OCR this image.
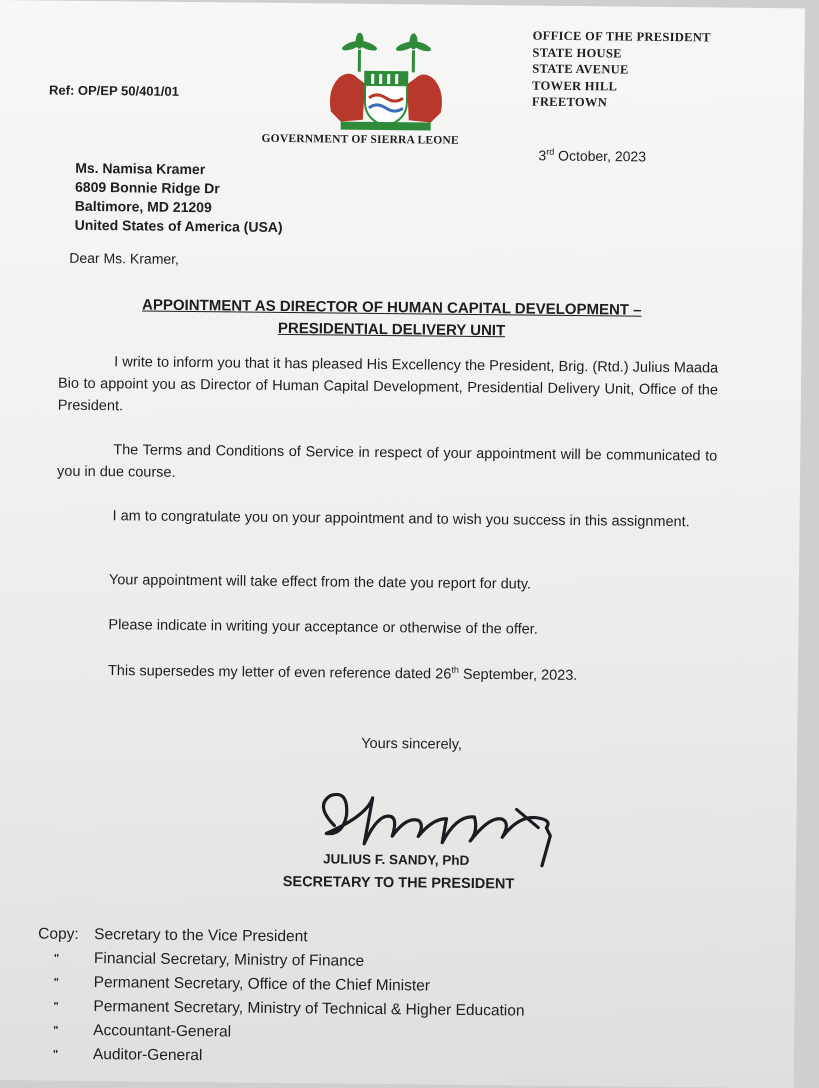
OFFICE OF THE PRESIDENT
STATE HOUSE
STATE AVENUE
TOWER HILL
FREETOWN
Ref: OP/EP 50/401/01
GOVERNMENT OF SIERRA LEONE
3rd October, 2023
Ms. Namisa Kramer
6809 Bonnie Ridge Dr
Baltimore, MD 21209
United States of America (USA)
Dear Ms. Kramer,
APPOINTMENT AS DIRECTOR OF HUMAN CAPITAL DEVELOPMENT –
PRESIDENTIAL DELIVERY UNIT
I write to inform you that it has pleased His Excellency the President, Brig. (Rtd.) Julius Maada Bio to appoint you as Director of Human Capital Development, Presidential Delivery Unit, Office of the President.
The Terms and Conditions of Service in respect of your appointment will be communicated to you in due course.
I am to congratulate you on your appointment and to wish you success in this assignment.
Your appointment will take effect from the date you report for duty.
Please indicate in writing your acceptance or otherwise of the offer.
This supersedes my letter of even reference dated 26th September, 2023.
Yours sincerely,
JULIUS F. SANDY, PhD
SECRETARY TO THE PRESIDENT
Copy: Secretary to the Vice President
" Financial Secretary, Ministry of Finance
" Permanent Secretary, Office of the Chief Minister
" Permanent Secretary, Ministry of Technical & Higher Education
" Accountant-General
" Auditor-General
